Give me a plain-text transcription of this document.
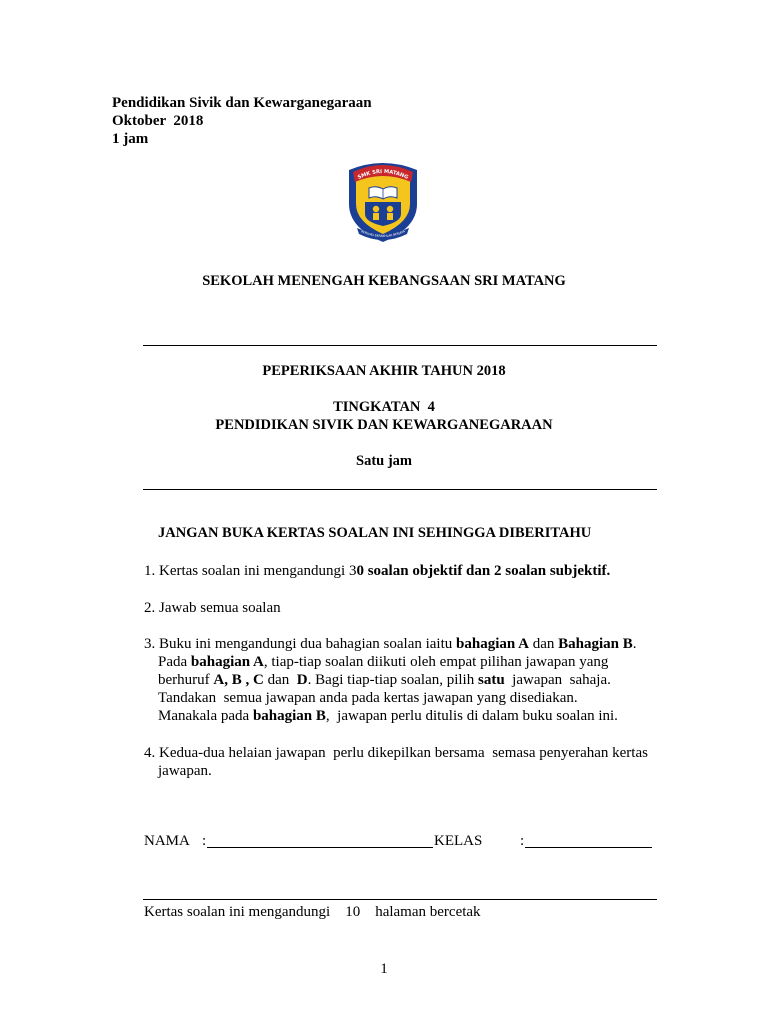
Pendidikan Sivik dan Kewarganegaraan
Oktober  2018
1 jam
SMK SRI MATANG
BERILMU BERAKHLAK BERJAYA
SEKOLAH MENENGAH KEBANGSAAN SRI MATANG
PEPERIKSAAN AKHIR TAHUN 2018
TINGKATAN  4
PENDIDIKAN SIVIK DAN KEWARGANEGARAAN
Satu jam
JANGAN BUKA KERTAS SOALAN INI SEHINGGA DIBERITAHU
1. Kertas soalan ini mengandungi 30 soalan objektif dan 2 soalan subjektif.
2. Jawab semua soalan
3. Buku ini mengandungi dua bahagian soalan iaitu bahagian A dan Bahagian B.
Pada bahagian A, tiap-tiap soalan diikuti oleh empat pilihan jawapan yang
berhuruf A, B , C dan  D. Bagi tiap-tiap soalan, pilih satu  jawapan  sahaja.
Tandakan  semua jawapan anda pada kertas jawapan yang disediakan.
Manakala pada bahagian B,  jawapan perlu ditulis di dalam buku soalan ini.
4. Kedua-dua helaian jawapan  perlu dikepilkan bersama  semasa penyerahan kertas
jawapan.
NAMA :	KELAS	:
Kertas soalan ini mengandungi    10    halaman bercetak
1
